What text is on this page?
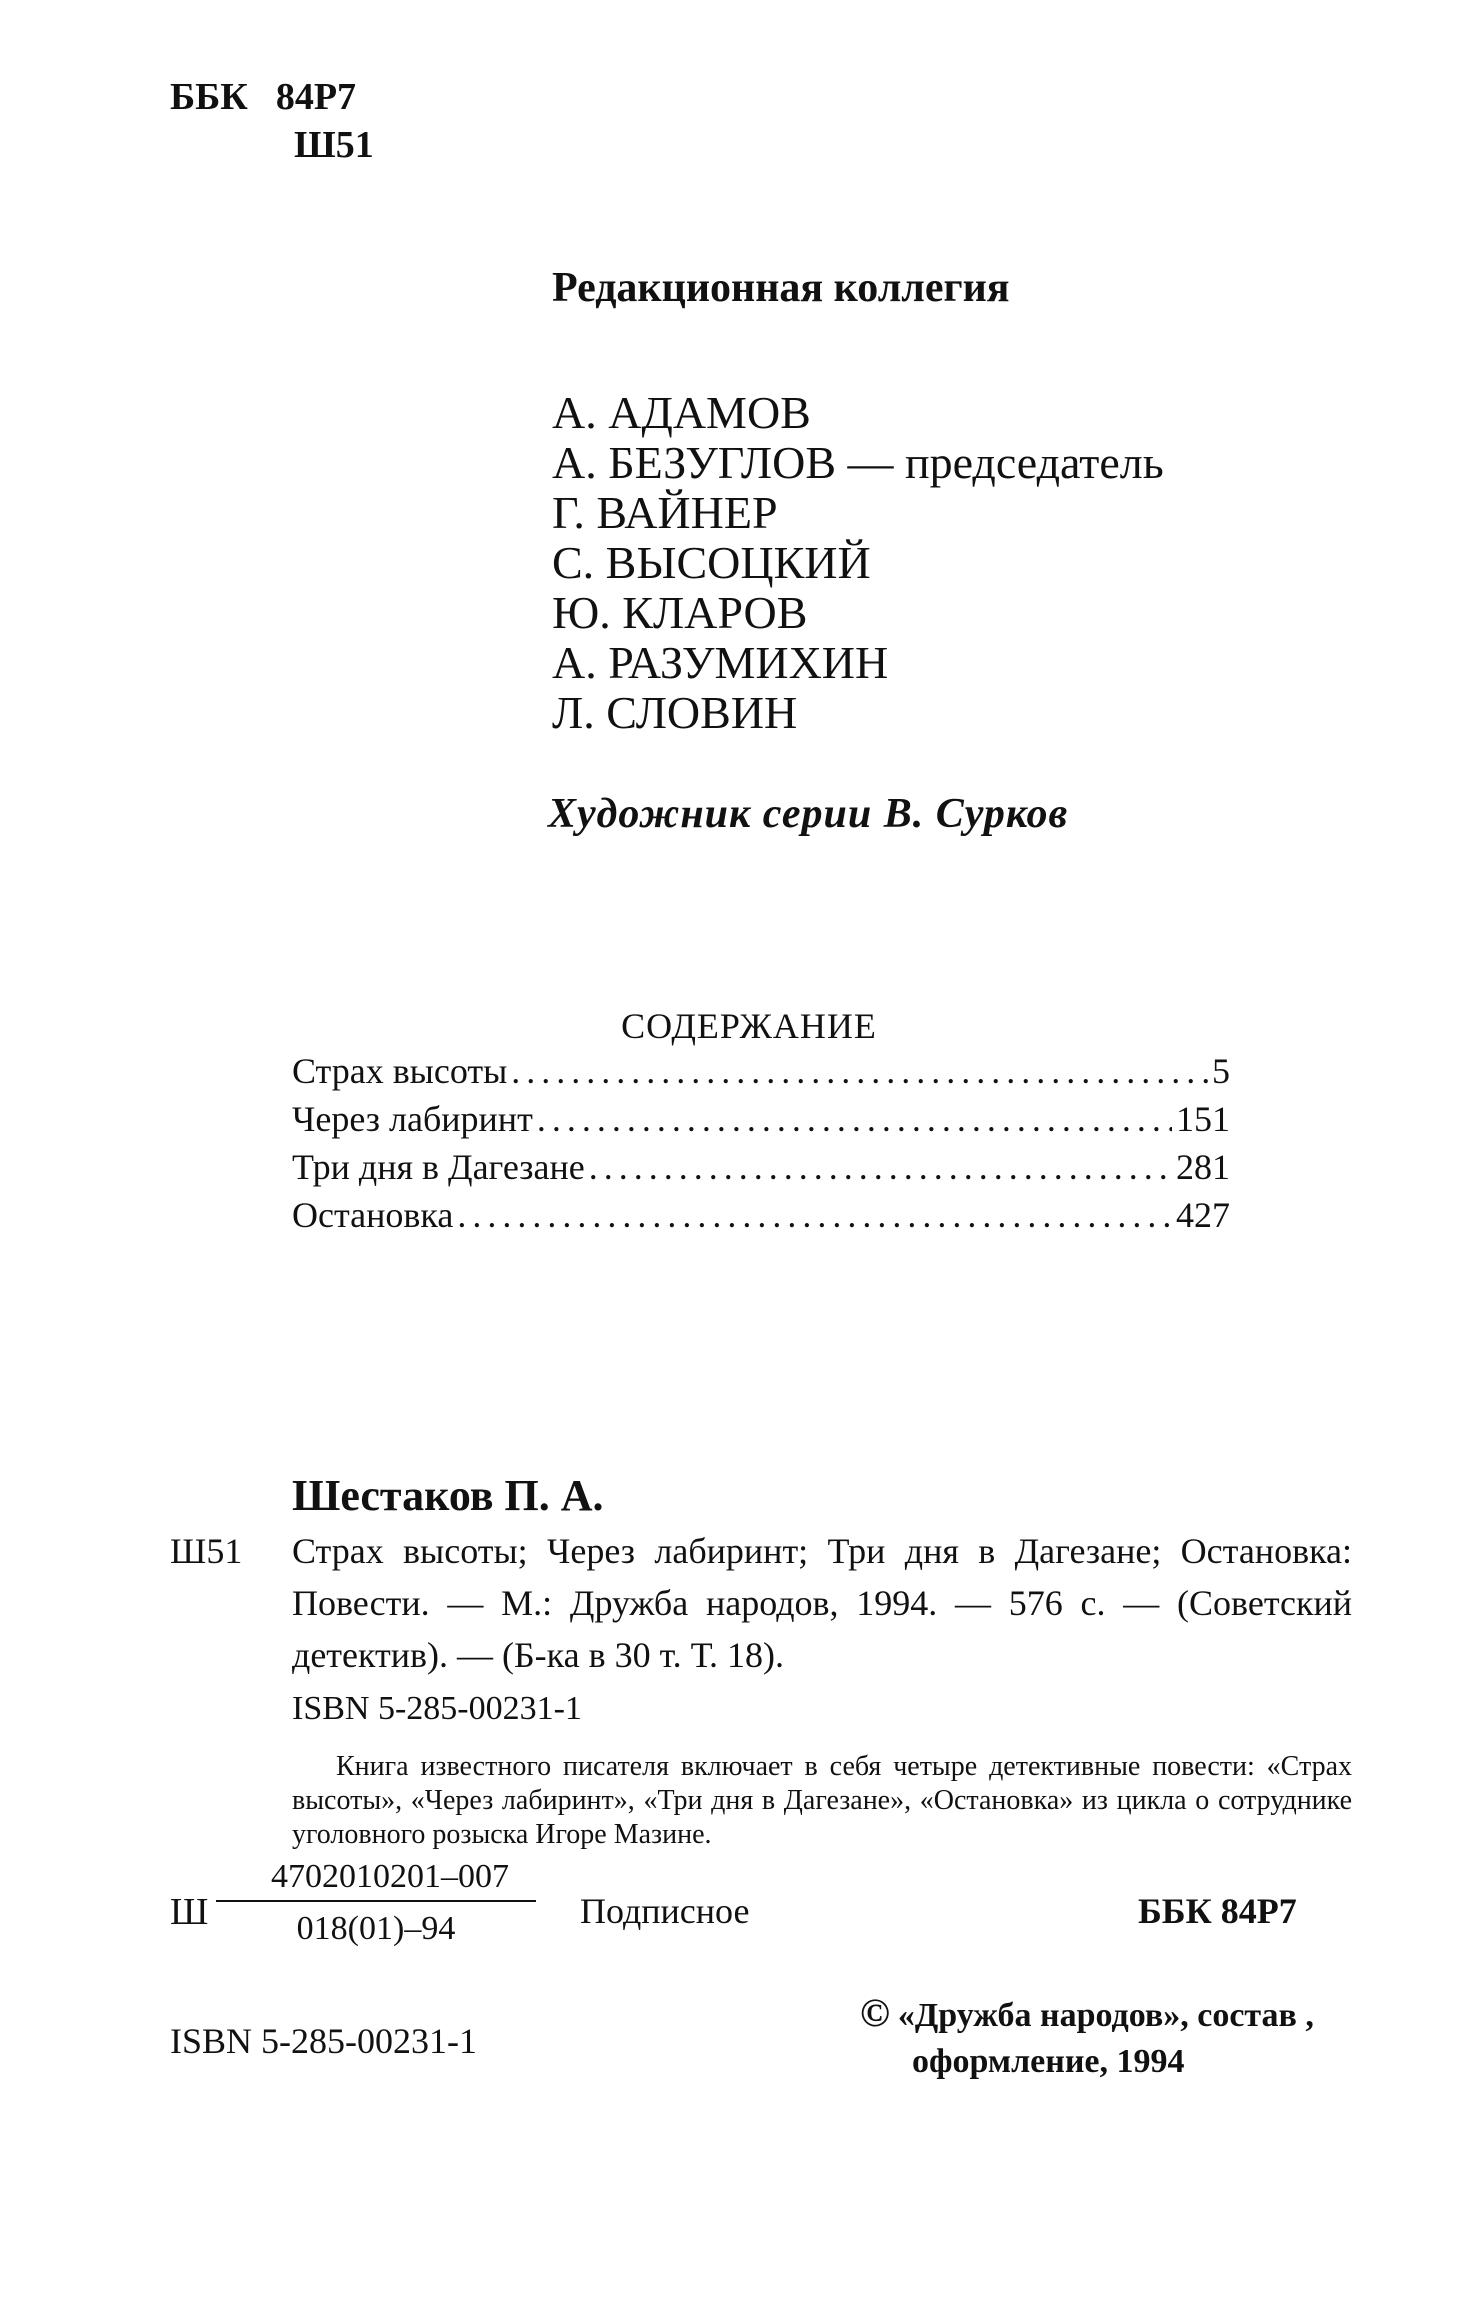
ББК 84Р7
Ш51
Редакционная коллегия
А. АДАМОВ
А. БЕЗУГЛОВ — председатель
Г. ВАЙНЕР
С. ВЫСОЦКИЙ
Ю. КЛАРОВ
А. РАЗУМИХИН
Л. СЛОВИН
Художник серии В. Сурков
СОДЕРЖАНИЕ
Страх высоты .....	5
Через лабиринт .....	151
Три дня в Дагезане .....	281
Остановка .....	427
Шестаков П. А.
Ш51 Страх высоты; Через лабиринт; Три дня в Дагезане; Остановка: Повести. — М.: Дружба народов, 1994. — 576 с. — (Советский детектив). — (Б-ка в 30 т. Т. 18).
ISBN 5-285-00231-1
Книга известного писателя включает в себя четыре детективные повести: «Страх высоты», «Через лабиринт», «Три дня в Дагезане», «Остановка» из цикла о сотруднике уголовного розыска Игоре Мазине.
Ш $\frac{4702010201-007}{018(01)-94}$ Подписное	ББК 84Р7
ISBN 5-285-00231-1
© «Дружба народов», состав ,
оформление, 1994
